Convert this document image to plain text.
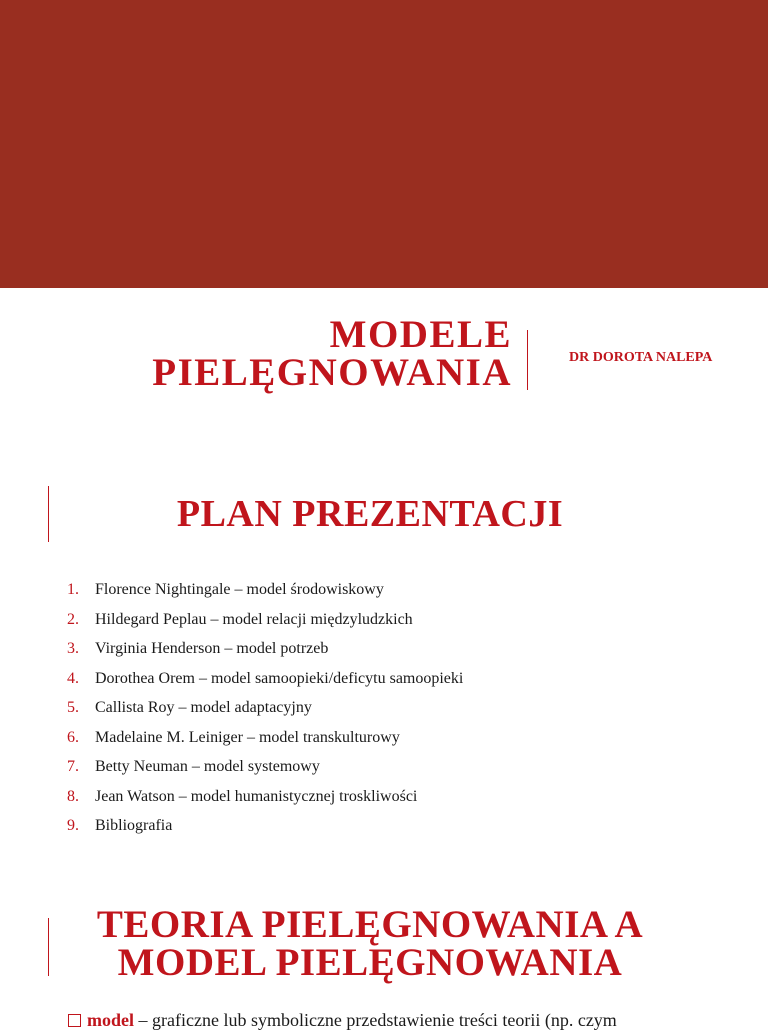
MODELE
PIELĘGNOWANIA	DR DOROTA NALEPA
PLAN PREZENTACJI
1. Florence Nightingale – model środowiskowy
2. Hildegard Peplau – model relacji międzyludzkich
3. Virginia Henderson – model potrzeb
4. Dorothea Orem – model samoopieki/deficytu samoopieki
5. Callista Roy – model adaptacyjny
6. Madelaine M. Leiniger – model transkulturowy
7. Betty Neuman – model systemowy
8. Jean Watson – model humanistycznej troskliwości
9. Bibliografia
TEORIA PIELĘGNOWANIA A
MODEL PIELĘGNOWANIA
model – graficzne lub symboliczne przedstawienie treści teorii (np. czym
